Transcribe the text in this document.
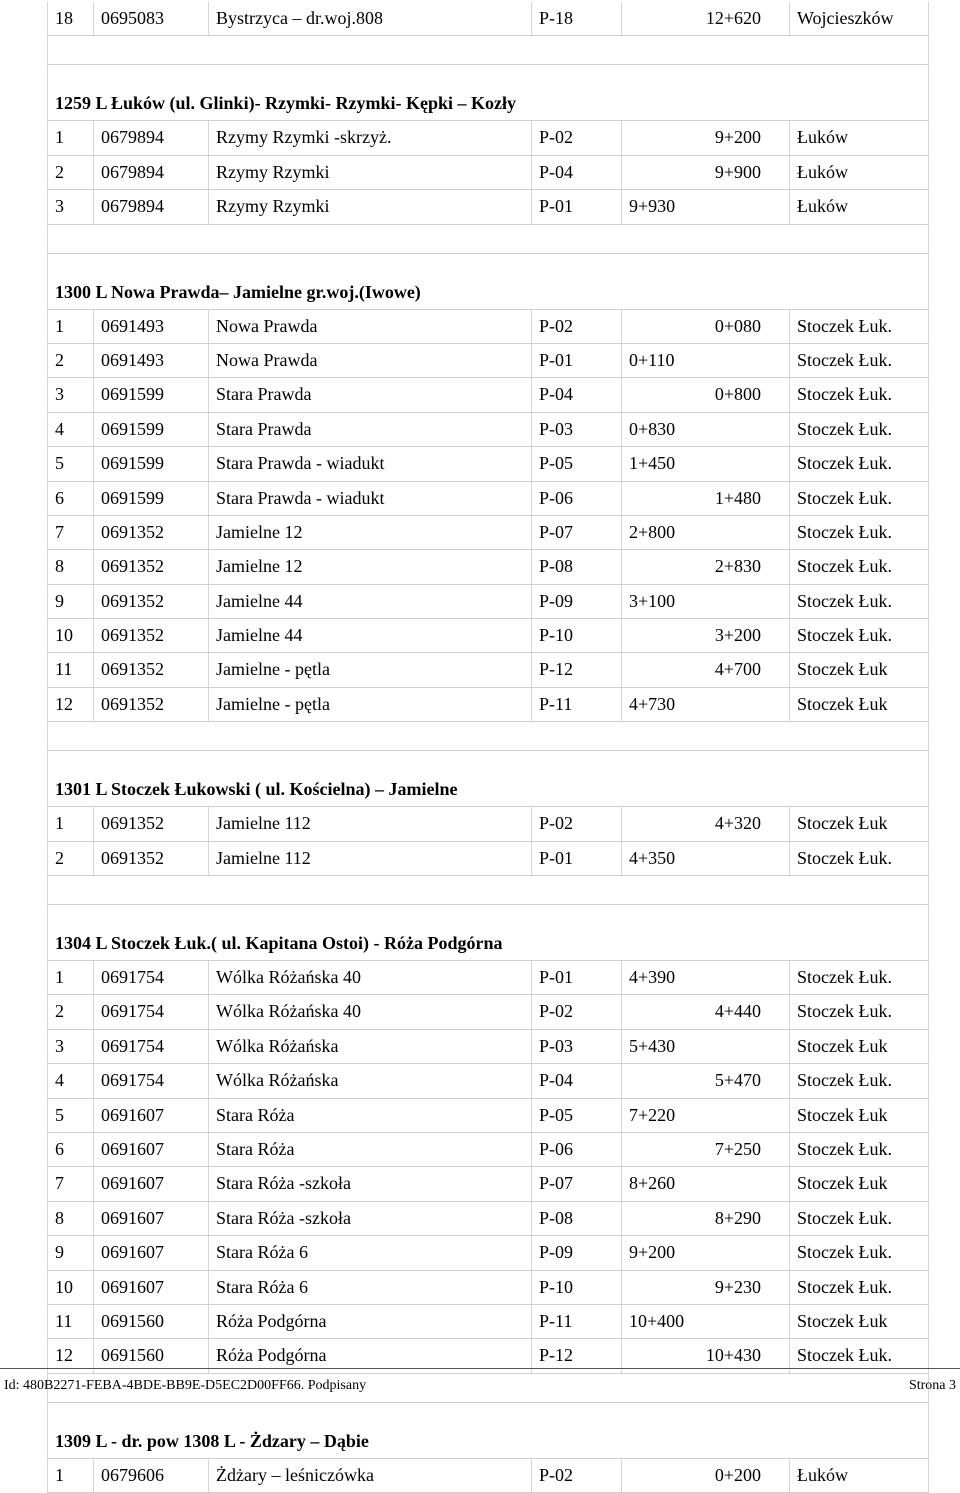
18	0695083	Bystrzyca – dr.woj.808	P-18	12+620	Wojcieszków
1259 L Łuków (ul. Glinki)- Rzymki- Rzymki- Kępki – Kozły
1	0679894	Rzymy Rzymki -skrzyż.	P-02	9+200	Łuków
2	0679894	Rzymy Rzymki	P-04	9+900	Łuków
3	0679894	Rzymy Rzymki	P-01	9+930	Łuków
1300 L Nowa Prawda– Jamielne gr.woj.(Iwowe)
1	0691493	Nowa Prawda	P-02	0+080	Stoczek Łuk.
2	0691493	Nowa Prawda	P-01	0+110	Stoczek Łuk.
3	0691599	Stara Prawda	P-04	0+800	Stoczek Łuk.
4	0691599	Stara Prawda	P-03	0+830	Stoczek Łuk.
5	0691599	Stara Prawda - wiadukt	P-05	1+450	Stoczek Łuk.
6	0691599	Stara Prawda - wiadukt	P-06	1+480	Stoczek Łuk.
7	0691352	Jamielne 12	P-07	2+800	Stoczek Łuk.
8	0691352	Jamielne 12	P-08	2+830	Stoczek Łuk.
9	0691352	Jamielne 44	P-09	3+100	Stoczek Łuk.
10	0691352	Jamielne 44	P-10	3+200	Stoczek Łuk.
11	0691352	Jamielne - pętla	P-12	4+700	Stoczek Łuk
12	0691352	Jamielne - pętla	P-11	4+730	Stoczek Łuk
1301 L Stoczek Łukowski ( ul. Kościelna) – Jamielne
1	0691352	Jamielne 112	P-02	4+320	Stoczek Łuk
2	0691352	Jamielne 112	P-01	4+350	Stoczek Łuk.
1304 L Stoczek Łuk.( ul. Kapitana Ostoi) - Róża Podgórna
1	0691754	Wólka Różańska 40	P-01	4+390	Stoczek Łuk.
2	0691754	Wólka Różańska 40	P-02	4+440	Stoczek Łuk.
3	0691754	Wólka Różańska	P-03	5+430	Stoczek Łuk
4	0691754	Wólka Różańska	P-04	5+470	Stoczek Łuk.
5	0691607	Stara Róża	P-05	7+220	Stoczek Łuk
6	0691607	Stara Róża	P-06	7+250	Stoczek Łuk.
7	0691607	Stara Róża -szkoła	P-07	8+260	Stoczek Łuk
8	0691607	Stara Róża -szkoła	P-08	8+290	Stoczek Łuk.
9	0691607	Stara Róża 6	P-09	9+200	Stoczek Łuk.
10	0691607	Stara Róża 6	P-10	9+230	Stoczek Łuk.
11	0691560	Róża Podgórna	P-11	10+400	Stoczek Łuk
12	0691560	Róża Podgórna	P-12	10+430	Stoczek Łuk.
1309 L - dr. pow 1308 L - Żdzary – Dąbie
1	0679606	Żdżary – leśniczówka	P-02	0+200	Łuków
Id: 480B2271-FEBA-4BDE-BB9E-D5EC2D00FF66. Podpisany	Strona 3
